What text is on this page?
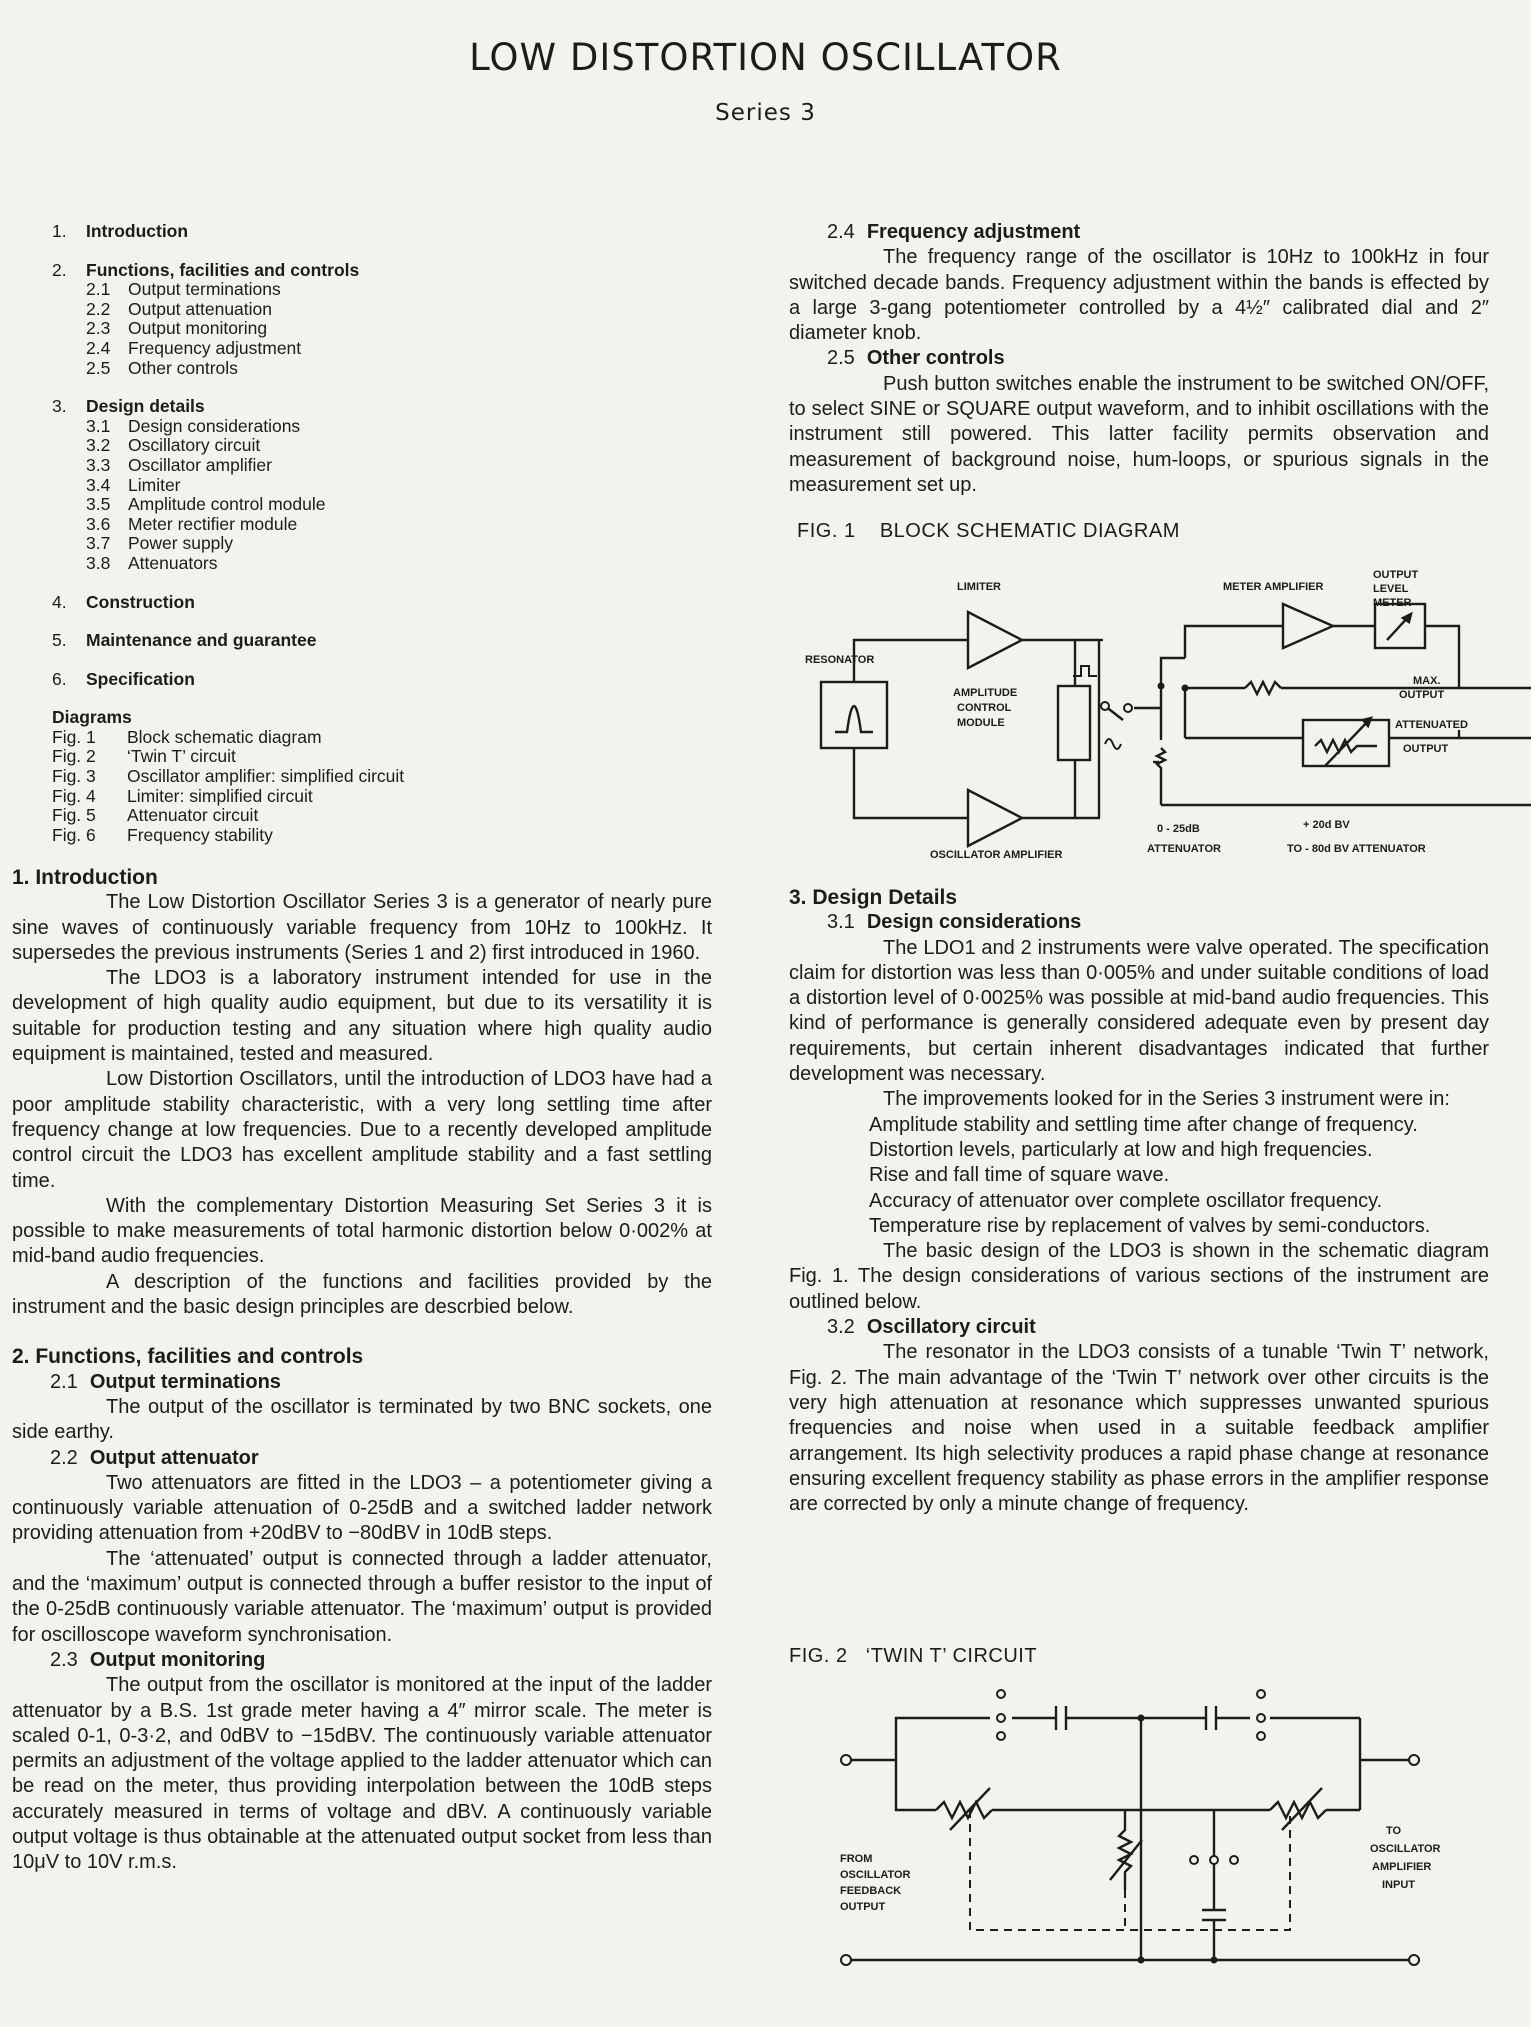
LOW DISTORTION OSCILLATOR
Series 3
1. Introduction
2. Functions, facilities and controls
2.1 Output terminations
2.2 Output attenuation
2.3 Output monitoring
2.4 Frequency adjustment
2.5 Other controls
3. Design details
3.1 Design considerations
3.2 Oscillatory circuit
3.3 Oscillator amplifier
3.4 Limiter
3.5 Amplitude control module
3.6 Meter rectifier module
3.7 Power supply
3.8 Attenuators
4. Construction
5. Maintenance and guarantee
6. Specification
Diagrams
Fig. 1 Block schematic diagram
Fig. 2 ‘Twin T’ circuit
Fig. 3 Oscillator amplifier: simplified circuit
Fig. 4 Limiter: simplified circuit
Fig. 5 Attenuator circuit
Fig. 6 Frequency stability
1. Introduction

The Low Distortion Oscillator Series 3 is a generator of nearly pure sine waves of continuously variable frequency from 10Hz to 100kHz. It supersedes the previous instruments (Series 1 and 2) first introduced in 1960.

The LDO3 is a laboratory instrument intended for use in the development of high quality audio equipment, but due to its versatility it is suitable for production testing and any situation where high quality audio equipment is maintained, tested and measured.

Low Distortion Oscillators, until the introduction of LDO3 have had a poor amplitude stability characteristic, with a very long settling time after frequency change at low frequencies. Due to a recently developed amplitude control circuit the LDO3 has excellent amplitude stability and a fast settling time.

With the complementary Distortion Measuring Set Series 3 it is possible to make measurements of total harmonic distortion below 0·002% at mid-band audio frequencies.

A description of the functions and facilities provided by the instrument and the basic design principles are descrbied below.

2. Functions, facilities and controls
2.1 Output terminations

The output of the oscillator is terminated by two BNC sockets, one side earthy.

2.2 Output attenuator

Two attenuators are fitted in the LDO3 – a potentiometer giving a continuously variable attenuation of 0-25dB and a switched ladder network providing attenuation from +20dBV to −80dBV in 10dB steps.

The ‘attenuated’ output is connected through a ladder attenuator, and the ‘maximum’ output is connected through a buffer resistor to the input of the 0-25dB continuously variable attenuator. The ‘maximum’ output is provided for oscilloscope waveform synchronisation.

2.3 Output monitoring

The output from the oscillator is monitored at the input of the ladder attenuator by a B.S. 1st grade meter having a 4″ mirror scale. The meter is scaled 0-1, 0-3·2, and 0dBV to −15dBV. The continuously variable attenuator permits an adjustment of the voltage applied to the ladder attenuator which can be read on the meter, thus providing interpolation between the 10dB steps accurately measured in terms of voltage and dBV. A continuously variable output voltage is thus obtainable at the attenuated output socket from less than 10μV to 10V r.m.s.

2.4 Frequency adjustment

The frequency range of the oscillator is 10Hz to 100kHz in four switched decade bands. Frequency adjustment within the bands is effected by a large 3-gang potentiometer controlled by a 4½″ calibrated dial and 2″ diameter knob.

2.5 Other controls

Push button switches enable the instrument to be switched ON/OFF, to select SINE or SQUARE output waveform, and to inhibit oscillations with the instrument still powered. This latter facility permits observation and measurement of background noise, hum-loops, or spurious signals in the measurement set up.

FIG. 1 BLOCK SCHEMATIC DIAGRAM
LIMITER
RESONATOR
AMPLITUDE
CONTROL
MODULE
OSCILLATOR AMPLIFIER
METER AMPLIFIER
OUTPUT
LEVEL
METER
MAX.
OUTPUT
ATTENUATED
OUTPUT
0 - 25dB
ATTENUATOR
+ 20d BV
TO - 80d BV ATTENUATOR
3. Design Details
3.1 Design considerations

The LDO1 and 2 instruments were valve operated. The specification claim for distortion was less than 0·005% and under suitable conditions of load a distortion level of 0·0025% was possible at mid-band audio frequencies. This kind of performance is generally considered adequate even by present day requirements, but certain inherent disadvantages indicated that further development was necessary.

The improvements looked for in the Series 3 instrument were in:

Amplitude stability and settling time after change of frequency.

Distortion levels, particularly at low and high frequencies.

Rise and fall time of square wave.

Accuracy of attenuator over complete oscillator frequency.

Temperature rise by replacement of valves by semi-conductors.

The basic design of the LDO3 is shown in the schematic diagram Fig. 1. The design considerations of various sections of the instrument are outlined below.

3.2 Oscillatory circuit

The resonator in the LDO3 consists of a tunable ‘Twin T’ network, Fig. 2. The main advantage of the ‘Twin T’ network over other circuits is the very high attenuation at resonance which suppresses unwanted spurious frequencies and noise when used in a suitable feedback amplifier arrangement. Its high selectivity produces a rapid phase change at resonance ensuring excellent frequency stability as phase errors in the amplifier response are corrected by only a minute change of frequency.

FIG. 2 ‘TWIN T’ CIRCUIT
FROM
OSCILLATOR
FEEDBACK
OUTPUT
TO
OSCILLATOR
AMPLIFIER
INPUT
